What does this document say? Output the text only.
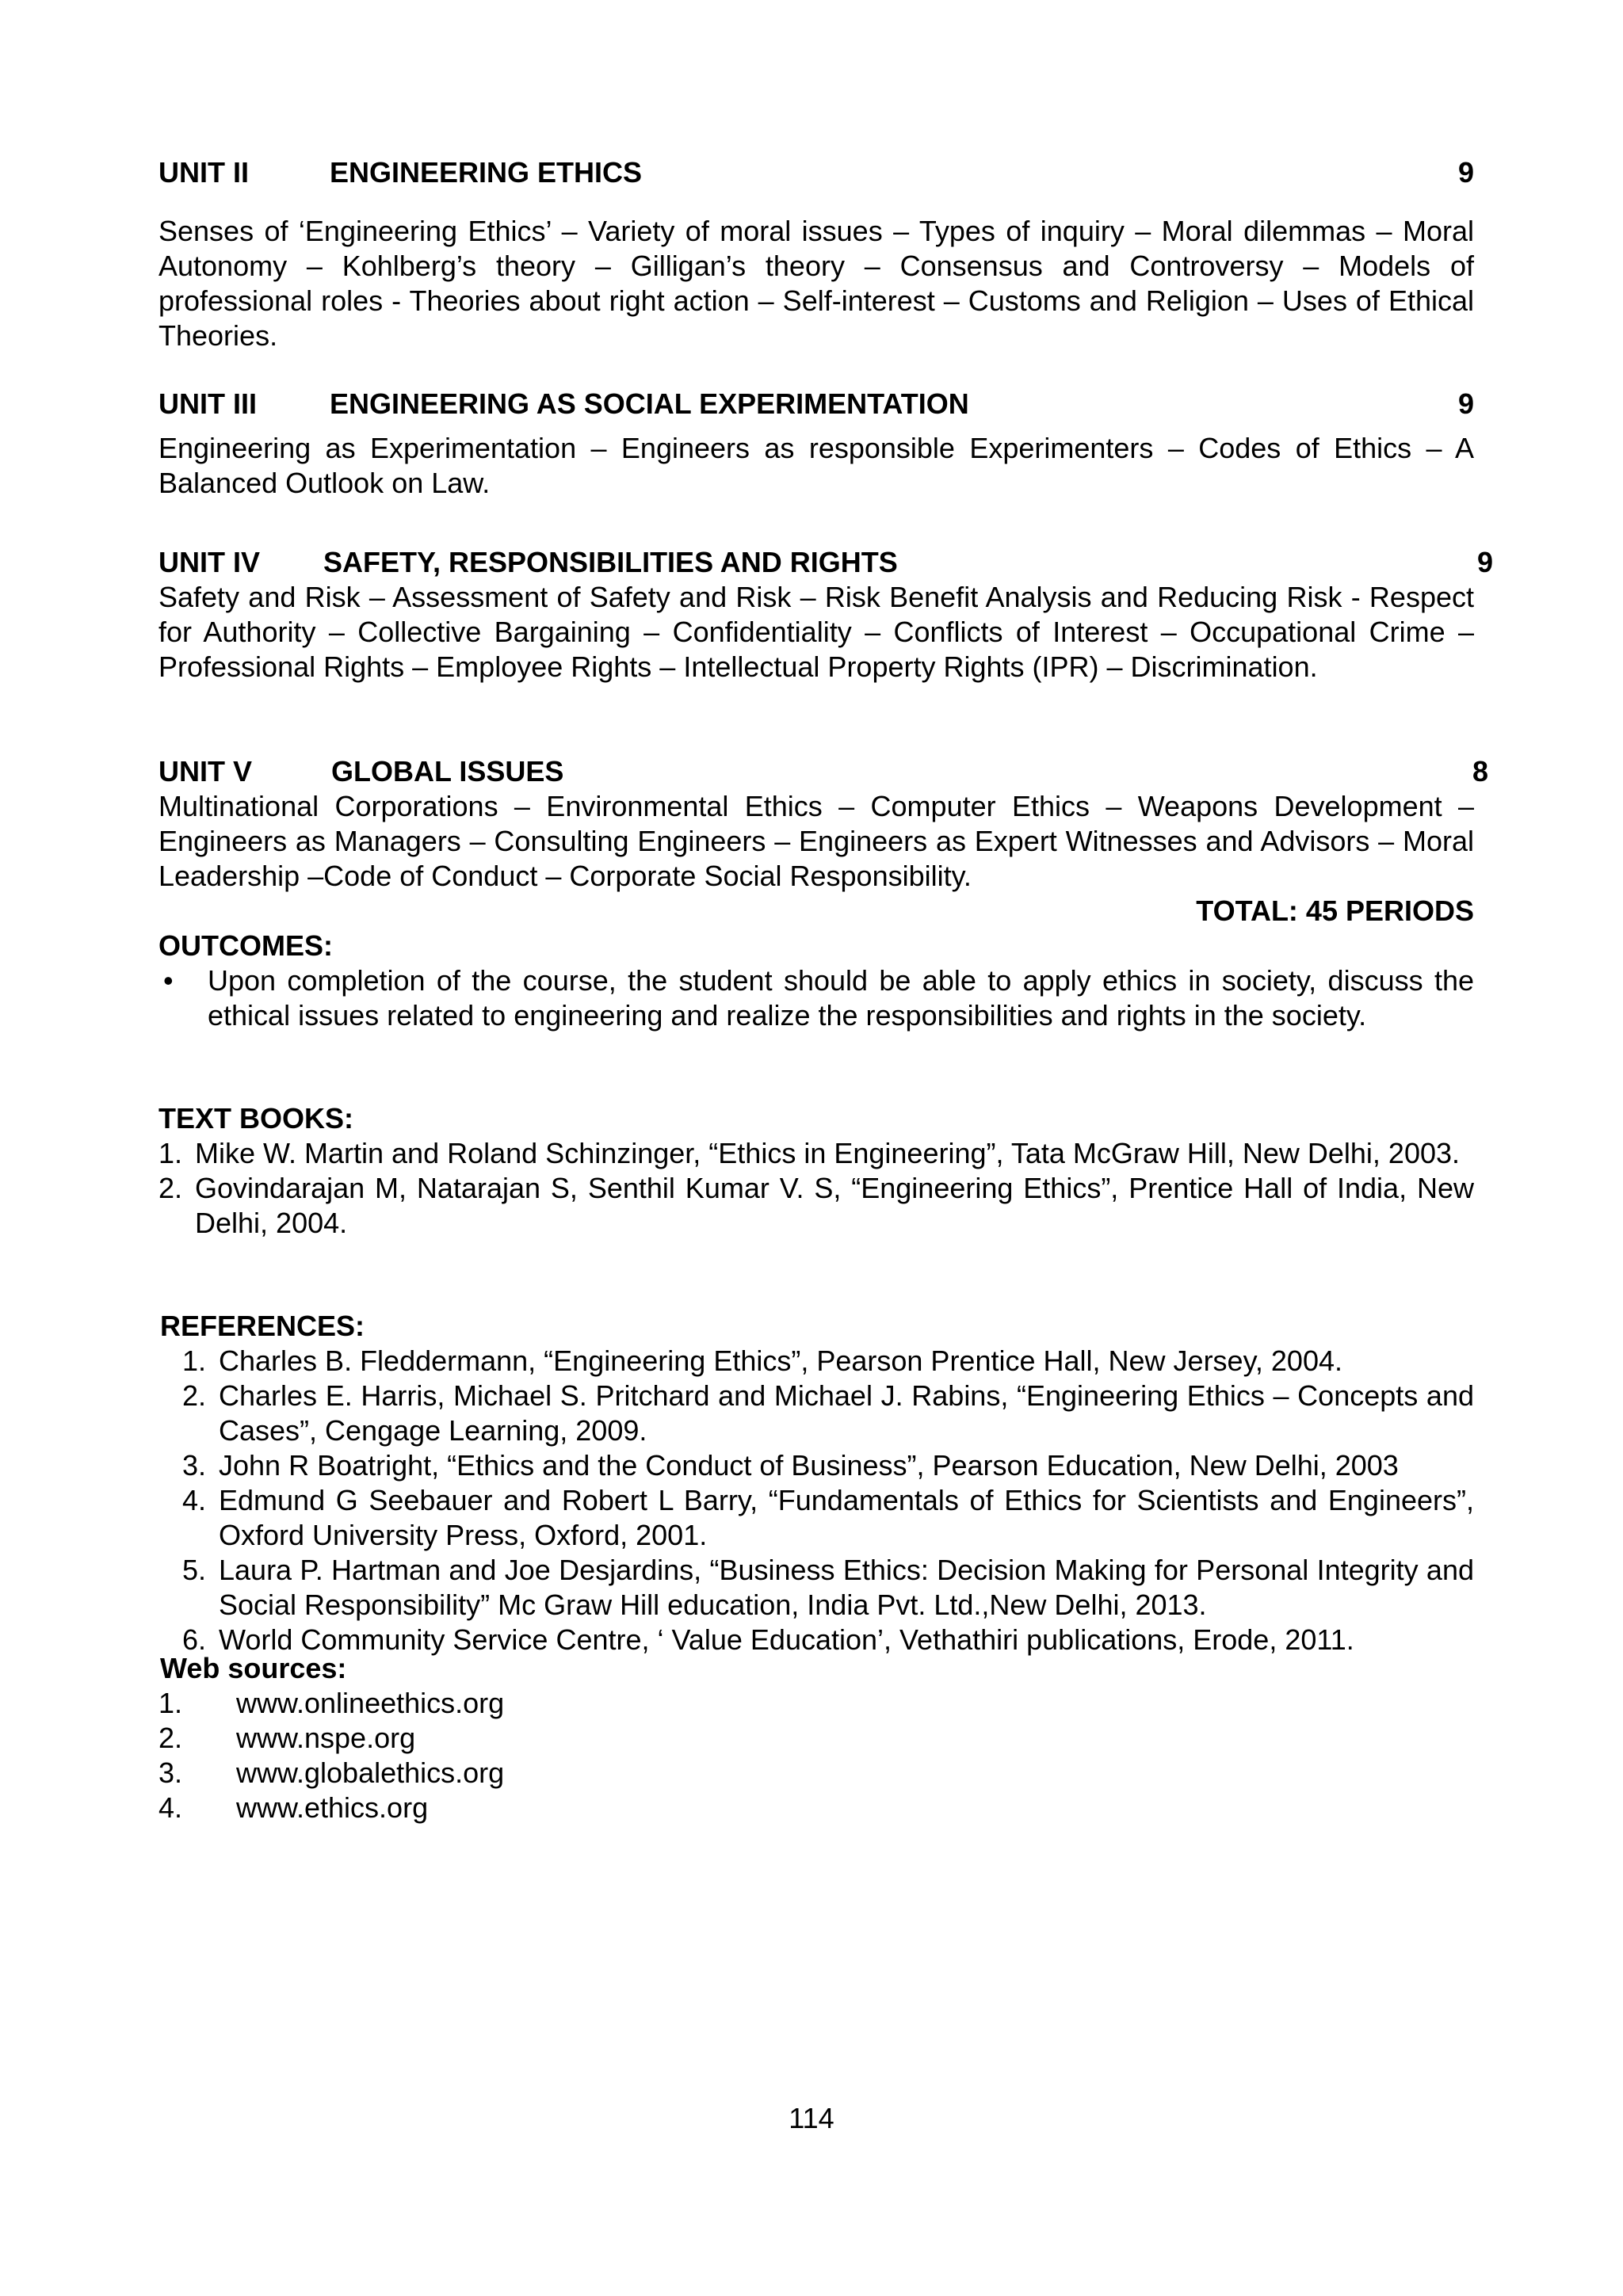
UNIT II	ENGINEERING ETHICS	9
Senses of ‘Engineering Ethics’ – Variety of moral issues – Types of inquiry – Moral dilemmas – Moral Autonomy – Kohlberg’s theory – Gilligan’s theory – Consensus and Controversy – Models of professional roles - Theories about right action – Self-interest – Customs and Religion – Uses of Ethical Theories.
UNIT III	ENGINEERING AS SOCIAL EXPERIMENTATION	9
Engineering as Experimentation – Engineers as responsible Experimenters – Codes of Ethics – A Balanced Outlook on Law.
UNIT IV SAFETY, RESPONSIBILITIES AND RIGHTS	9
Safety and Risk – Assessment of Safety and Risk – Risk Benefit Analysis and Reducing Risk - Respect for Authority – Collective Bargaining – Confidentiality – Conflicts of Interest – Occupational Crime – Professional Rights – Employee Rights – Intellectual Property Rights (IPR) – Discrimination.
UNIT V	GLOBAL ISSUES	8
Multinational Corporations – Environmental Ethics – Computer Ethics – Weapons Development – Engineers as Managers – Consulting Engineers – Engineers as Expert Witnesses and Advisors – Moral Leadership –Code of Conduct – Corporate Social Responsibility.
TOTAL: 45 PERIODS
OUTCOMES:
• Upon completion of the course, the student should be able to apply ethics in society, discuss the ethical issues related to engineering and realize the responsibilities and rights in the society.
TEXT BOOKS:
1. Mike W. Martin and Roland Schinzinger, “Ethics in Engineering”, Tata McGraw Hill, New Delhi, 2003.
2. Govindarajan M, Natarajan S, Senthil Kumar V. S, “Engineering Ethics”, Prentice Hall of India, New Delhi, 2004.
REFERENCES:
1. Charles B. Fleddermann, “Engineering Ethics”, Pearson Prentice Hall, New Jersey, 2004.
2. Charles E. Harris, Michael S. Pritchard and Michael J. Rabins, “Engineering Ethics – Concepts and Cases”, Cengage Learning, 2009.
3. John R Boatright, “Ethics and the Conduct of Business”, Pearson Education, New Delhi, 2003
4. Edmund G Seebauer and Robert L Barry, “Fundamentals of Ethics for Scientists and Engineers”, Oxford University Press, Oxford, 2001.
5. Laura P. Hartman and Joe Desjardins, “Business Ethics: Decision Making for Personal Integrity and Social Responsibility” Mc Graw Hill education, India Pvt. Ltd.,New Delhi, 2013.
6. World Community Service Centre, ‘ Value Education’, Vethathiri publications, Erode, 2011.
Web sources:
1. www.onlineethics.org
2. www.nspe.org
3. www.globalethics.org
4. www.ethics.org
114
